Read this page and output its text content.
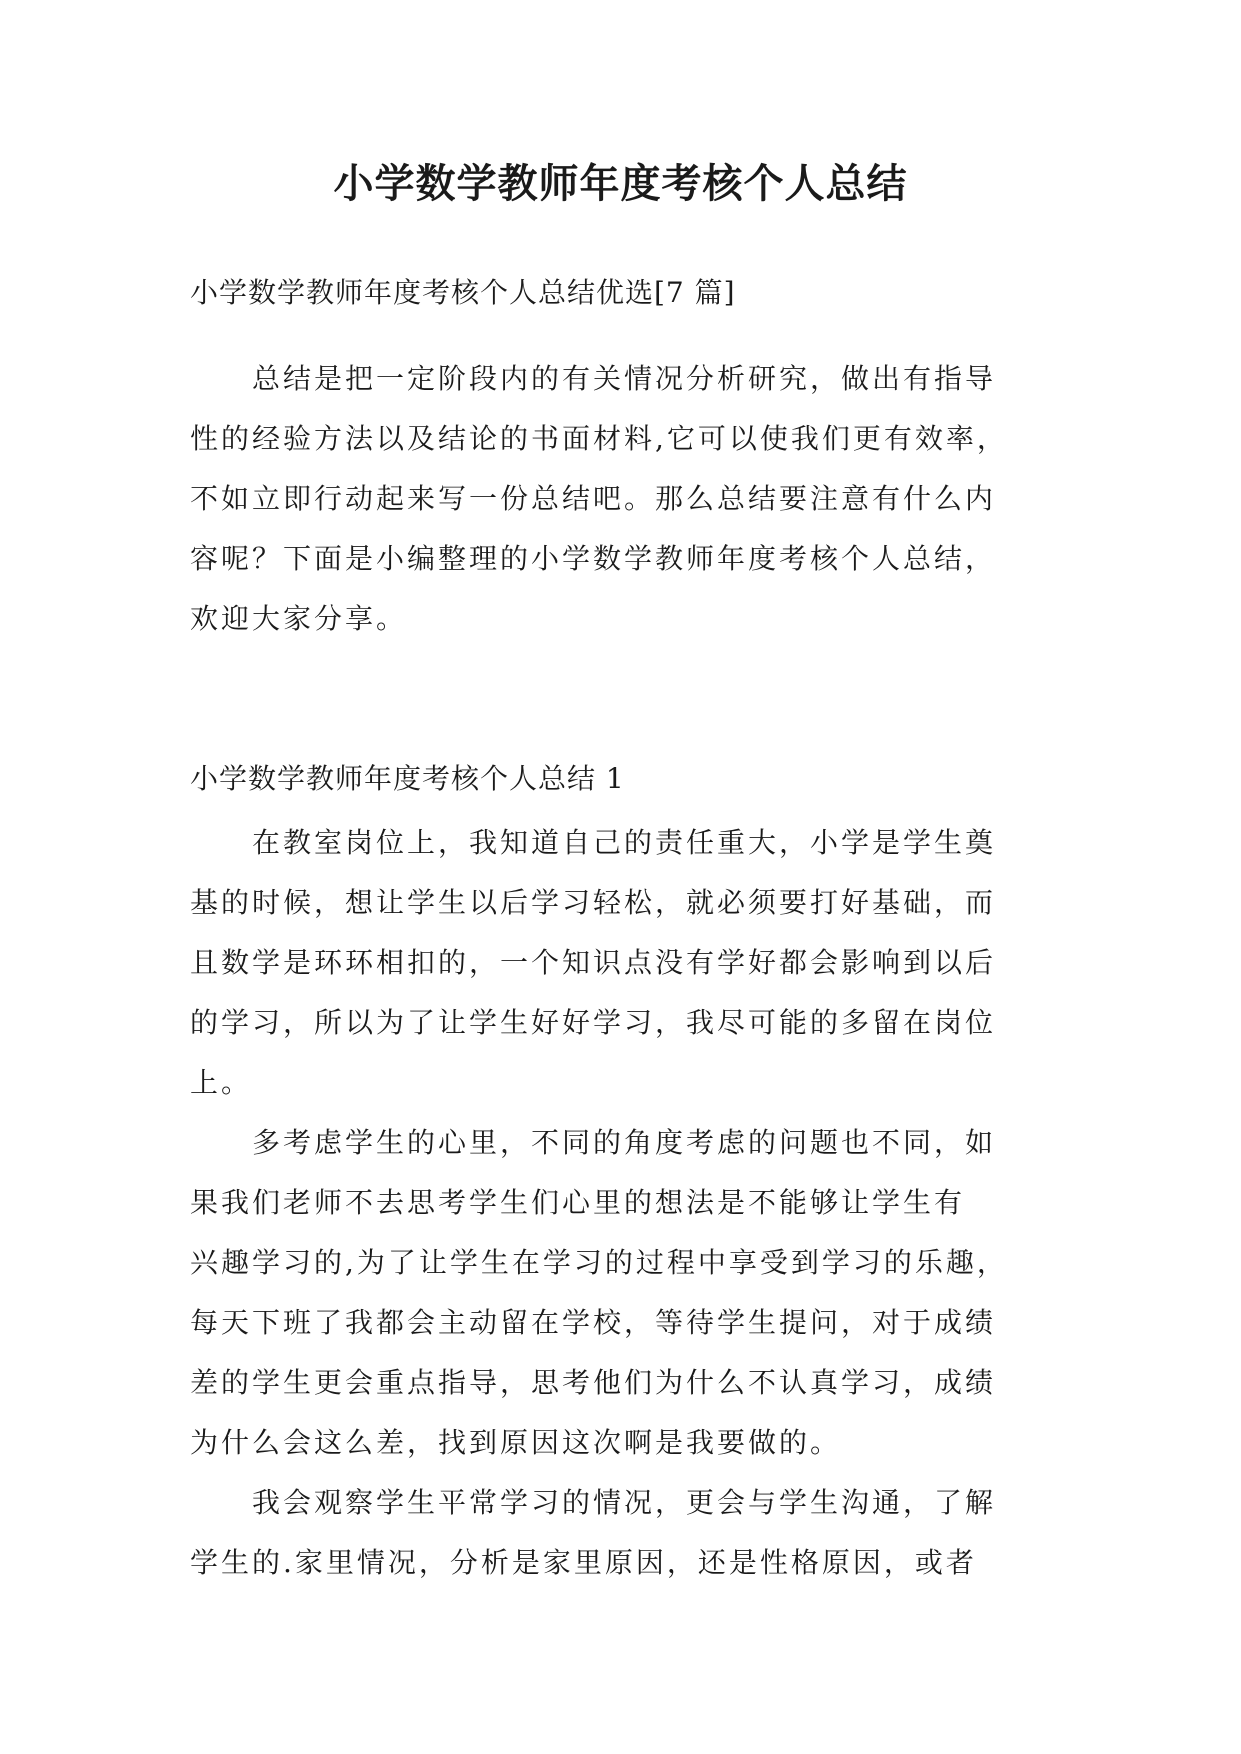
小学数学教师年度考核个人总结

小学数学教师年度考核个人总结优选[7 篇]

　　总结是把一定阶段内的有关情况分析研究，做出有指导
性的经验方法以及结论的书面材料,它可以使我们更有效率，
不如立即行动起来写一份总结吧。那么总结要注意有什么内
容呢？下面是小编整理的小学数学教师年度考核个人总结，
欢迎大家分享。

小学数学教师年度考核个人总结 1

　　在教室岗位上，我知道自己的责任重大，小学是学生奠
基的时候，想让学生以后学习轻松，就必须要打好基础，而
且数学是环环相扣的，一个知识点没有学好都会影响到以后
的学习，所以为了让学生好好学习，我尽可能的多留在岗位
上。

　　多考虑学生的心里，不同的角度考虑的问题也不同，如
果我们老师不去思考学生们心里的想法是不能够让学生有
兴趣学习的,为了让学生在学习的过程中享受到学习的乐趣，
每天下班了我都会主动留在学校，等待学生提问，对于成绩
差的学生更会重点指导，思考他们为什么不认真学习，成绩
为什么会这么差，找到原因这次啊是我要做的。

　　我会观察学生平常学习的情况，更会与学生沟通，了解
学生的.家里情况，分析是家里原因，还是性格原因，或者
